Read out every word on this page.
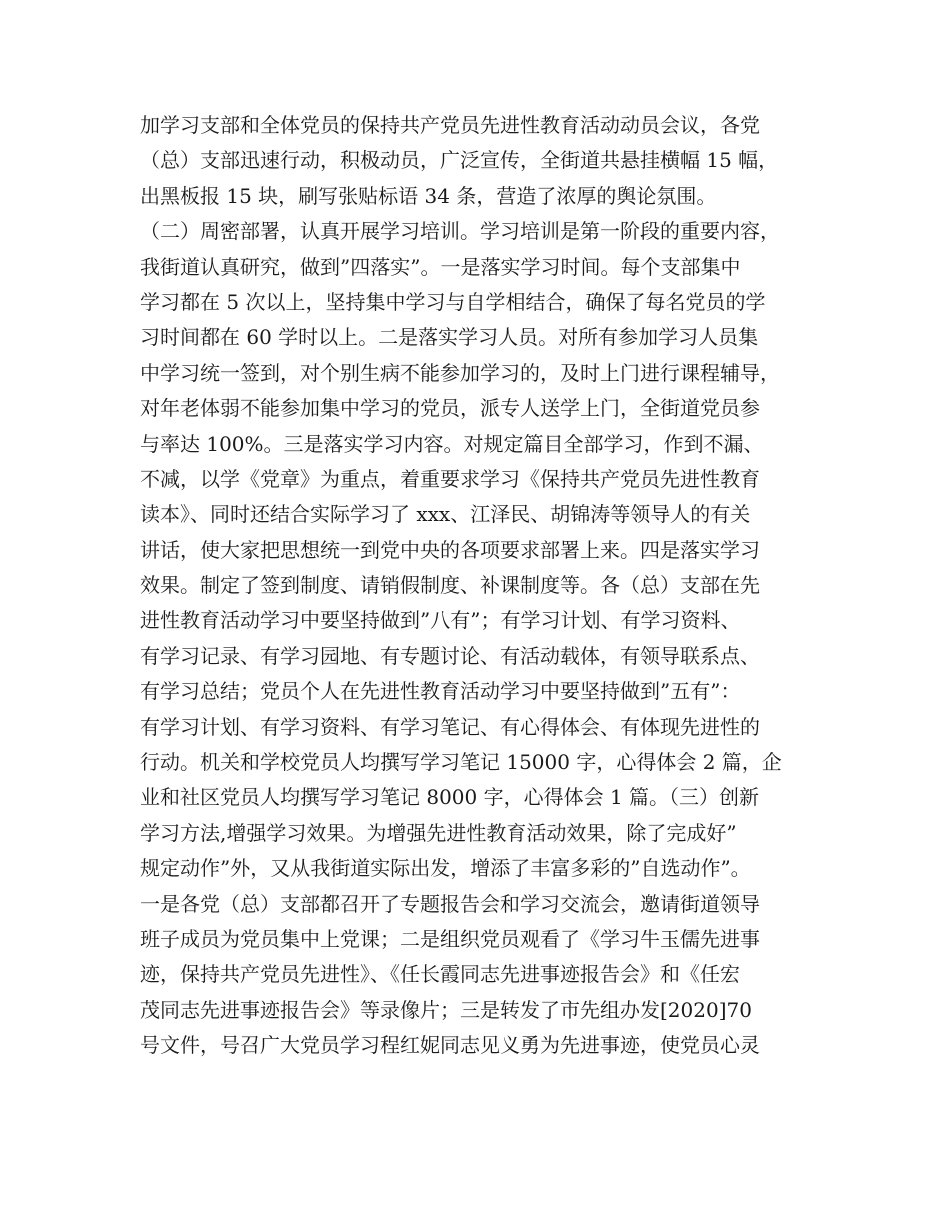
加学习支部和全体党员的保持共产党员先进性教育活动动员会议，各党
（总）支部迅速行动，积极动员，广泛宣传，全街道共悬挂横幅 15 幅，
出黑板报 15 块，刷写张贴标语 34 条，营造了浓厚的舆论氛围。
（二）周密部署，认真开展学习培训。学习培训是第一阶段的重要内容，
我街道认真研究，做到”四落实”。一是落实学习时间。每个支部集中
学习都在 5 次以上，坚持集中学习与自学相结合，确保了每名党员的学
习时间都在 60 学时以上。二是落实学习人员。对所有参加学习人员集
中学习统一签到，对个别生病不能参加学习的，及时上门进行课程辅导，
对年老体弱不能参加集中学习的党员，派专人送学上门，全街道党员参
与率达 100%。三是落实学习内容。对规定篇目全部学习，作到不漏、
不减，以学《党章》为重点，着重要求学习《保持共产党员先进性教育
读本》、同时还结合实际学习了 xxx、江泽民、胡锦涛等领导人的有关
讲话，使大家把思想统一到党中央的各项要求部署上来。四是落实学习
效果。制定了签到制度、请销假制度、补课制度等。各（总）支部在先
进性教育活动学习中要坚持做到”八有”；有学习计划、有学习资料、
有学习记录、有学习园地、有专题讨论、有活动载体，有领导联系点、
有学习总结；党员个人在先进性教育活动学习中要坚持做到”五有”：
有学习计划、有学习资料、有学习笔记、有心得体会、有体现先进性的
行动。机关和学校党员人均撰写学习笔记 15000 字，心得体会 2 篇，企
业和社区党员人均撰写学习笔记 8000 字，心得体会 1 篇。（三）创新
学习方法,增强学习效果。为增强先进性教育活动效果，除了完成好”
规定动作”外，又从我街道实际出发，增添了丰富多彩的”自选动作”。
一是各党（总）支部都召开了专题报告会和学习交流会，邀请街道领导
班子成员为党员集中上党课；二是组织党员观看了《学习牛玉儒先进事
迹，保持共产党员先进性》、《任长霞同志先进事迹报告会》和《任宏
茂同志先进事迹报告会》等录像片；三是转发了市先组办发[2020]70
号文件，号召广大党员学习程红妮同志见义勇为先进事迹，使党员心灵
